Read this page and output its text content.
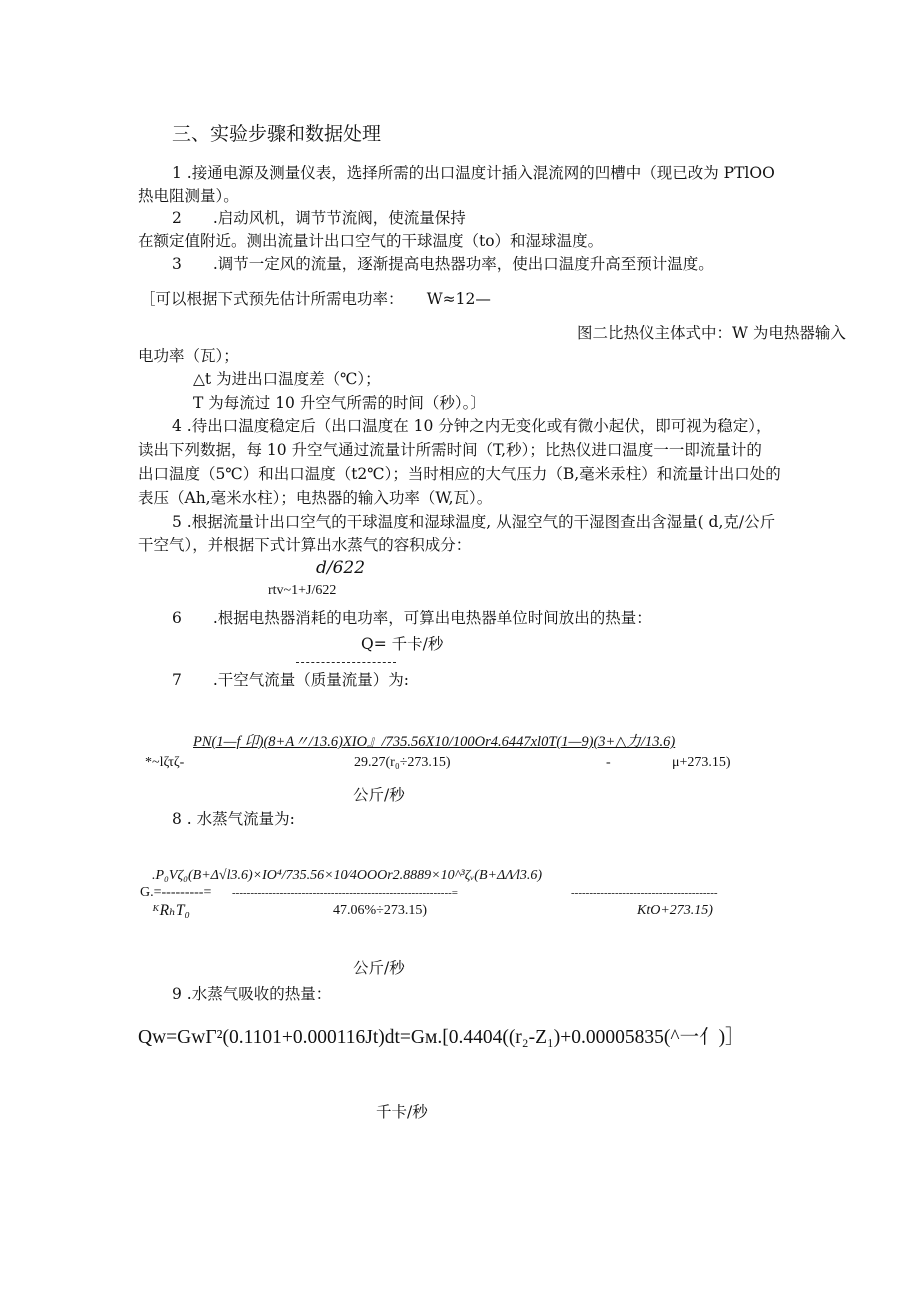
三、实验步骤和数据处理
1 .接通电源及测量仪表，选择所需的出口温度计插入混流网的凹槽中（现已改为 PTlOO
热电阻测量）。
2　　.启动风机，调节节流阀，使流量保持
在额定值附近。测出流量计出口空气的干球温度（to）和湿球温度。
3　　.调节一定风的流量，逐渐提高电热器功率，使出口温度升高至预计温度。
［可以根据下式预先估计所需电功率：　　W≈12—
图二比热仪主体式中：W 为电热器输入
电功率（瓦）；
△t 为进出口温度差（℃）；
T 为每流过 10 升空气所需的时间（秒）。〕
4 .待出口温度稳定后（出口温度在 10 分钟之内无变化或有微小起伏，即可视为稳定），
读出下列数据，每 10 升空气通过流量计所需时间（T,秒）；比热仪进口温度一一即流量计的
出口温度（5℃）和出口温度（t2℃）；当时相应的大气压力（B,毫米汞柱）和流量计出口处的
表压（Ah,毫米水柱）；电热器的输入功率（W,瓦）。
5 .根据流量计出口空气的干球温度和湿球温度, 从湿空气的干湿图查出含湿量( d,克/公斤
干空气），并根据下式计算出水蒸气的容积成分：
d/622
rtv~1+J/622
6　　.根据电热器消耗的电功率，可算出电热器单位时间放出的热量：
Q= 千卡/秒
7　　.干空气流量（质量流量）为:
PN(1—f 卬)(8+A〃/13.6)XIO』/735.56X10/100Or4.6447xl0T(1—9)(3+△力/13.6)
*~lζτζ-	29.27(r₀÷273.15)	-	μ+273.15)
公斤/秒
8 . 水蒸气流量为:
.P₀Vζ₀(B+Δ√l3.6)×IO⁴/735.56×10⁄4OOOr2.8889×10^³ζᵥ(B+ΔΛ⁄l3.6)
G.=---------= ------------------------------------------------------------=	----------------------------------------
ᴷRₕT₀	47.06%÷273.15)	KtO+273.15)
公斤/秒
9 .水蒸气吸收的热量：
Qw=GwΓ²(0.1101+0.000116Jt)dt=Gм.[0.4404((r₂-Z₁)+0.00005835(^一亻)］
千卡/秒
